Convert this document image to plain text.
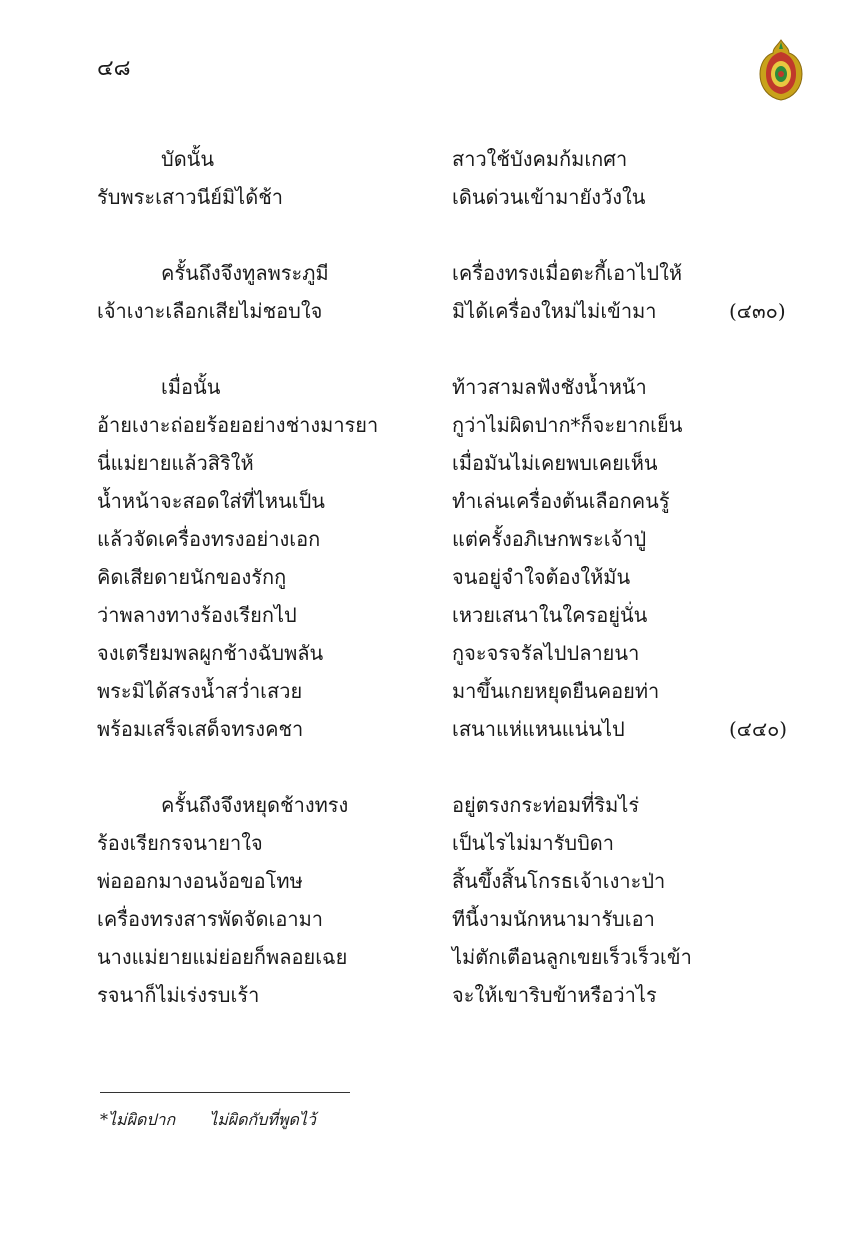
๔๘
บัดนั้น	สาวใช้บังคมก้มเกศา
รับพระเสาวนีย์มิได้ช้า	เดินด่วนเข้ามายังวังใน
ครั้นถึงจึงทูลพระภูมี	เครื่องทรงเมื่อตะกี้เอาไปให้
เจ้าเงาะเลือกเสียไม่ชอบใจ	มิได้เครื่องใหม่ไม่เข้ามา	(๔๓๐)
เมื่อนั้น	ท้าวสามลฟังชังน้ำหน้า
อ้ายเงาะถ่อยร้อยอย่างช่างมารยา	กูว่าไม่ผิดปาก*ก็จะยากเย็น
นี่แม่ยายแล้วสิริให้	เมื่อมันไม่เคยพบเคยเห็น
น้ำหน้าจะสอดใส่ที่ไหนเป็น	ทำเล่นเครื่องต้นเลือกคนรู้
แล้วจัดเครื่องทรงอย่างเอก	แต่ครั้งอภิเษกพระเจ้าปู่
คิดเสียดายนักของรักกู	จนอยู่จำใจต้องให้มัน
ว่าพลางทางร้องเรียกไป	เหวยเสนาในใครอยู่นั่น
จงเตรียมพลผูกช้างฉับพลัน	กูจะจรจรัลไปปลายนา
พระมิได้สรงน้ำสว่ำเสวย	มาขึ้นเกยหยุดยืนคอยท่า
พร้อมเสร็จเสด็จทรงคชา	เสนาแห่แหนแน่นไป	(๔๔๐)
ครั้นถึงจึงหยุดช้างทรง	อยู่ตรงกระท่อมที่ริมไร่
ร้องเรียกรจนายาใจ	เป็นไรไม่มารับบิดา
พ่อออกมางอนง้อขอโทษ	สิ้นขึ้งสิ้นโกรธเจ้าเงาะป่า
เครื่องทรงสารพัดจัดเอามา	ทีนี้งามนักหนามารับเอา
นางแม่ยายแม่ย่อยก็พลอยเฉย	ไม่ตักเตือนลูกเขยเร็วเร็วเข้า
รจนาก็ไม่เร่งรบเร้า	จะให้เขาริบข้าหรือว่าไร
*ไม่ผิดปาก ไม่ผิดกับที่พูดไว้
